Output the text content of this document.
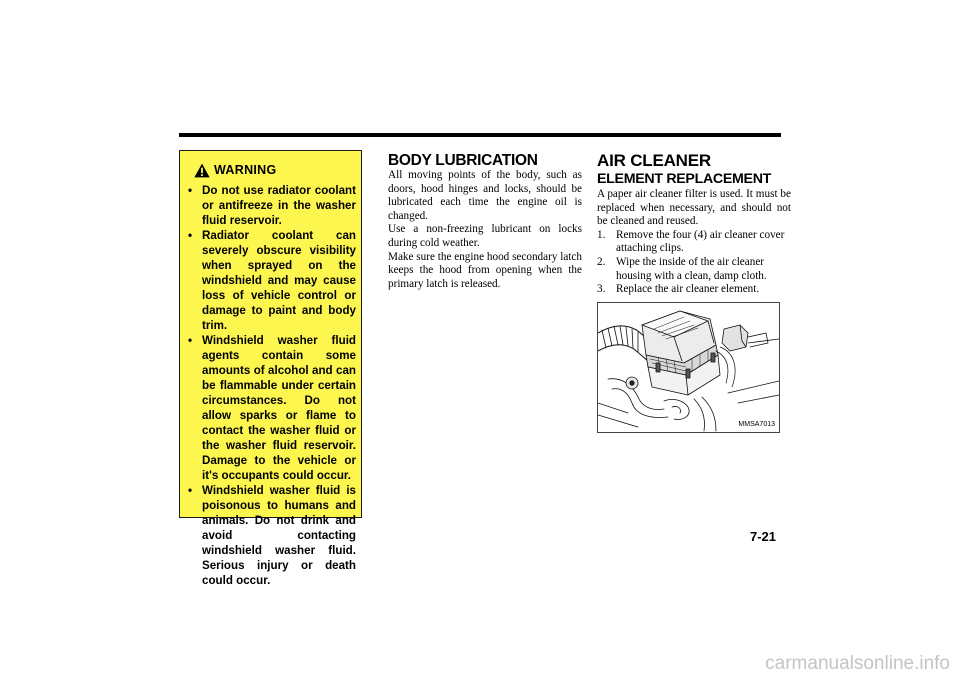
WARNING
• Do not use radiator coolant or antifreeze in the washer fluid reservoir.
• Radiator coolant can severely obscure visibility when sprayed on the windshield and may cause loss of vehicle control or damage to paint and body trim.
• Windshield washer fluid agents contain some amounts of alcohol and can be flammable under certain circumstances. Do not allow sparks or flame to contact the washer fluid or the washer fluid reservoir. Damage to the vehicle or it's occupants could occur.
• Windshield washer fluid is poisonous to humans and animals. Do not drink and avoid contacting windshield washer fluid. Serious injury or death could occur.
BODY LUBRICATION

All moving points of the body, such as doors, hood hinges and locks, should be lubricated each time the engine oil is changed.

Use a non-freezing lubricant on locks during cold weather.

Make sure the engine hood secondary latch keeps the hood from opening when the primary latch is released.

AIR CLEANER
ELEMENT REPLACEMENT

A paper air cleaner filter is used. It must be replaced when necessary, and should not be cleaned and reused.

1. Remove the four (4) air cleaner cover attaching clips.
2. Wipe the inside of the air cleaner housing with a clean, damp cloth.
3. Replace the air cleaner element.
MMSA7013
7-21
carmanualsonline.info
